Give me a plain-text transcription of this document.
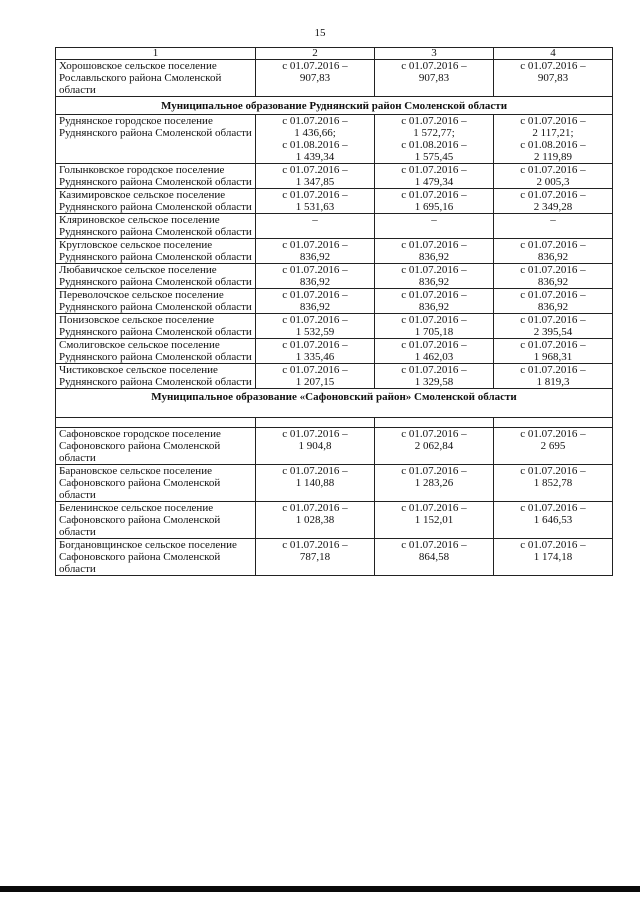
15
1	2	3	4
Хорошовское сельское поселение Рославльского района Смоленской области	с 01.07.2016 –
907,83	с 01.07.2016 –
907,83	с 01.07.2016 –
907,83

Муниципальное образование Руднянский район Смоленской области			
Руднянское городское поселение Руднянского района Смоленской области	с 01.07.2016 –
1 436,66;
с 01.08.2016 –
1 439,34	с 01.07.2016 –
1 572,77;
с 01.08.2016 –
1 575,45	с 01.07.2016 –
2 117,21;
с 01.08.2016 –
2 119,89

Голынковское городское поселение Руднянского района Смоленской области	с 01.07.2016 –
1 347,85	с 01.07.2016 –
1 479,34	с 01.07.2016 –
2 005,3

Казимировское сельское поселение Руднянского района Смоленской области	с 01.07.2016 –
1 531,63	с 01.07.2016 –
1 695,16	с 01.07.2016 –
2 349,28

Кляриновское сельское поселение Руднянского района Смоленской области	–	–	–

Кругловское сельское поселение Руднянского района Смоленской области	с 01.07.2016 –
836,92	с 01.07.2016 –
836,92	с 01.07.2016 –
836,92

Любавичское сельское поселение Руднянского района Смоленской области	с 01.07.2016 –
836,92	с 01.07.2016 –
836,92	с 01.07.2016 –
836,92

Переволочское сельское поселение Руднянского района Смоленской области	с 01.07.2016 –
836,92	с 01.07.2016 –
836,92	с 01.07.2016 –
836,92

Понизовское сельское поселение Руднянского района Смоленской области	с 01.07.2016 –
1 532,59	с 01.07.2016 –
1 705,18	с 01.07.2016 –
2 395,54

Смолиговское сельское поселение Руднянского района Смоленской области	с 01.07.2016 –
1 335,46	с 01.07.2016 –
1 462,03	с 01.07.2016 –
1 968,31

Чистиковское сельское поселение Руднянского района Смоленской области	с 01.07.2016 –
1 207,15	с 01.07.2016 –
1 329,58	с 01.07.2016 –
1 819,3

Муниципальное образование «Сафоновский район» Смоленской области			

Сафоновское городское поселение Сафоновского района Смоленской области	с 01.07.2016 –
1 904,8	с 01.07.2016 –
2 062,84	с 01.07.2016 –
2 695

Барановское сельское поселение Сафоновского района Смоленской области	с 01.07.2016 –
1 140,88	с 01.07.2016 –
1 283,26	с 01.07.2016 –
1 852,78

Беленинское сельское поселение Сафоновского района Смоленской области	с 01.07.2016 –
1 028,38	с 01.07.2016 –
1 152,01	с 01.07.2016 –
1 646,53

Богдановщинское сельское поселение Сафоновского района Смоленской области	с 01.07.2016 –
787,18	с 01.07.2016 –
864,58	с 01.07.2016 –
1 174,18
